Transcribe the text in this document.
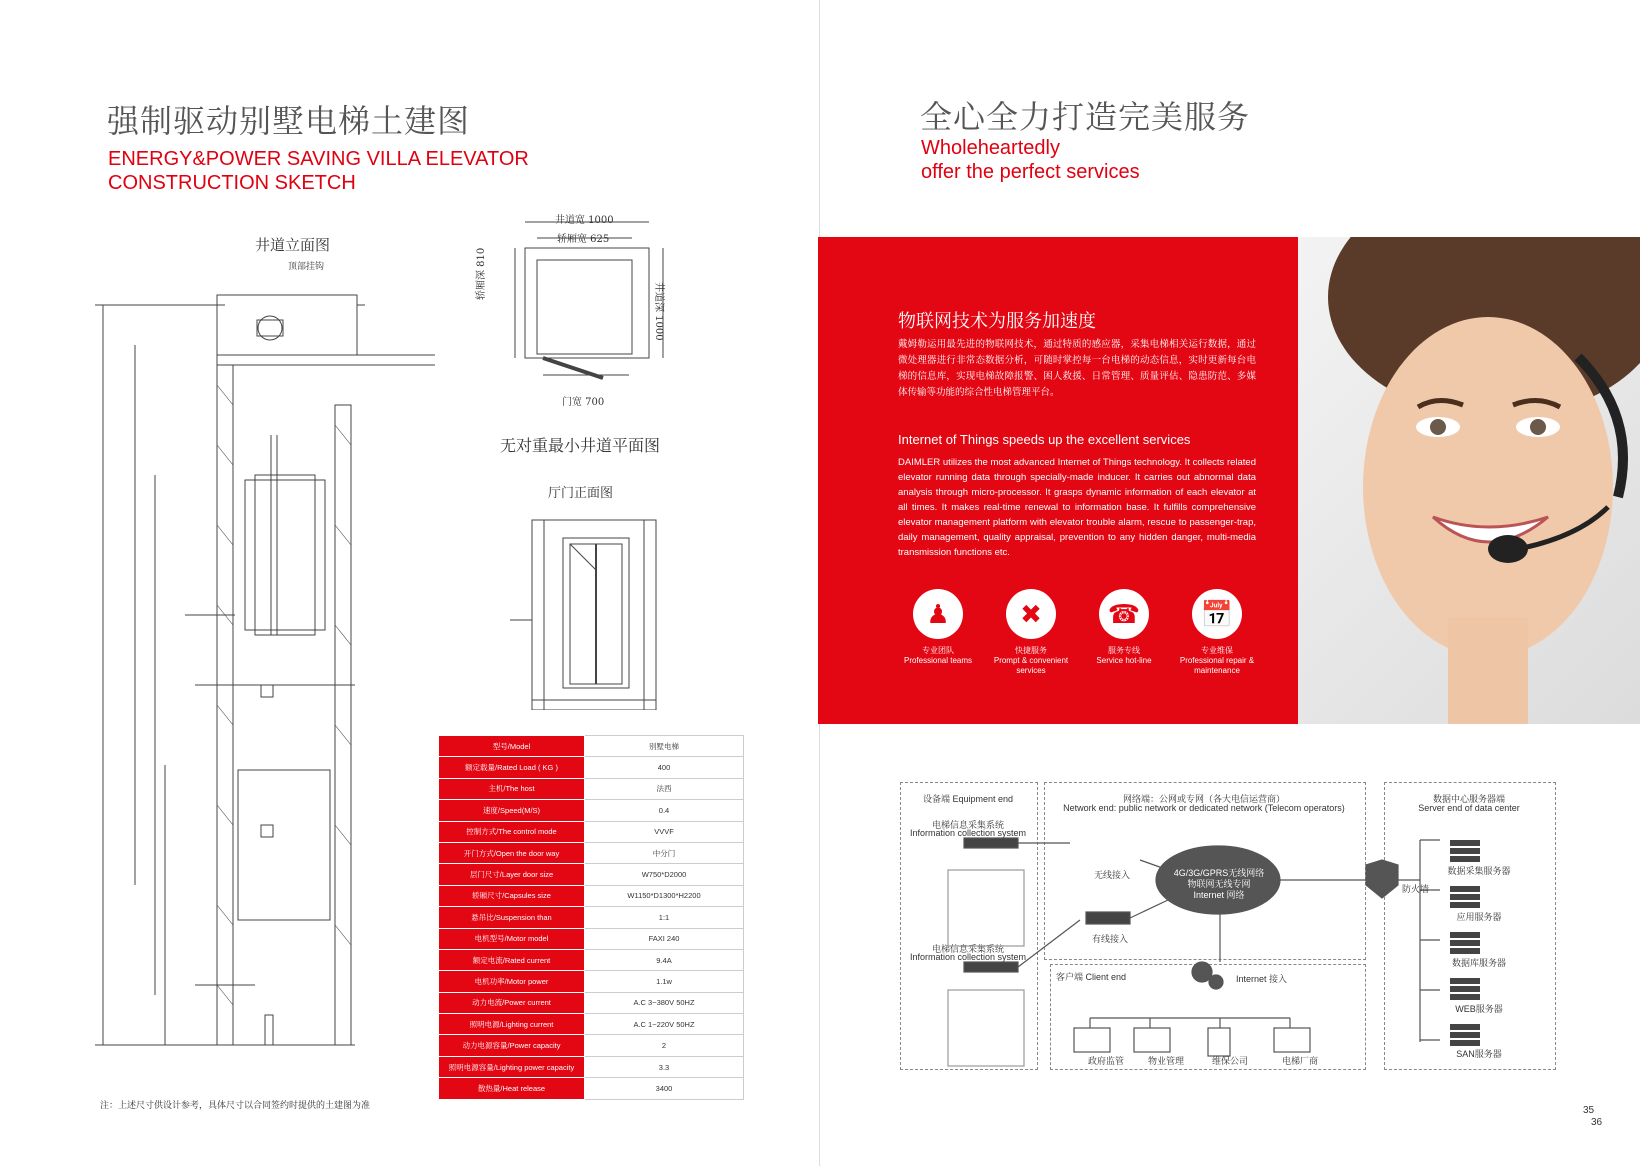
强制驱动别墅电梯土建图
ENERGY&POWER SAVING VILLA ELEVATOR
CONSTRUCTION SKETCH
井道立面图
顶部挂钩
井道宽 1000
轿厢宽 625
轿厢深 810
井道深 1000
门宽 700
无对重最小井道平面图
厅门正面图
型号/Model	别墅电梯
额定载量/Rated Load ( KG )	400
主机/The host	法西
速度/Speed(M/S)	0.4
控制方式/The control mode	VVVF
开门方式/Open the door way	中分门
层门尺寸/Layer door size	W750*D2000
轿厢尺寸/Capsules size	W1150*D1300*H2200
悬吊比/Suspension than	1:1
电机型号/Motor model	FAXI 240
额定电流/Rated current	9.4A
电机功率/Motor power	1.1w
动力电流/Power current	A.C 3~380V 50HZ
照明电源/Lighting current	A.C 1~220V 50HZ
动力电源容量/Power capacity	2
照明电源容量/Lighting power capacity	3.3
散热量/Heat release	3400
注：上述尺寸供设计参考，具体尺寸以合同签约时提供的土建图为准
全心全力打造完美服务
Wholeheartedly
offer the perfect services
物联网技术为服务加速度
戴姆勒运用最先进的物联网技术，通过特质的感应器，采集电梯相关运行数据，通过微处理器进行非常态数据分析，可随时掌控每一台电梯的动态信息，实时更新每台电梯的信息库，实现电梯故障报警、困人救援、日常管理、质量评估、隐患防范、多媒体传输等功能的综合性电梯管理平台。
Internet of Things speeds up the excellent services
DAIMLER utilizes the most advanced Internet of Things technology. It collects related elevator running data through specially-made inducer. It carries out abnormal data analysis through micro-processor. It grasps dynamic information of each elevator at all times. It makes real-time renewal to information base. It fulfills comprehensive elevator management platform with elevator trouble alarm, rescue to passenger-trap, daily management, quality appraisal, prevention to any hidden danger, multi-media transmission functions etc.
♟
专业团队
Professional teams
✖
快捷服务
Prompt & convenient services
☎
服务专线
Service hot-line
📅
专业维保
Professional repair & maintenance
设备端 Equipment end
电梯信息采集系统
Information collection system
电梯信息采集系统
Information collection system
网络端：公网或专网（各大电信运营商）
Network end: public network or dedicated network (Telecom operators)
无线接入
有线接入
4G/3G/GPRS无线网络
物联网无线专网
Internet 网络
防火墙
客户端 Client end	Internet 接入
政府监管	物业管理	维保公司	电梯厂商
数据中心服务器端
Server end of data center
数据采集服务器
应用服务器
数据库服务器
WEB服务器
SAN服务器
35
36
